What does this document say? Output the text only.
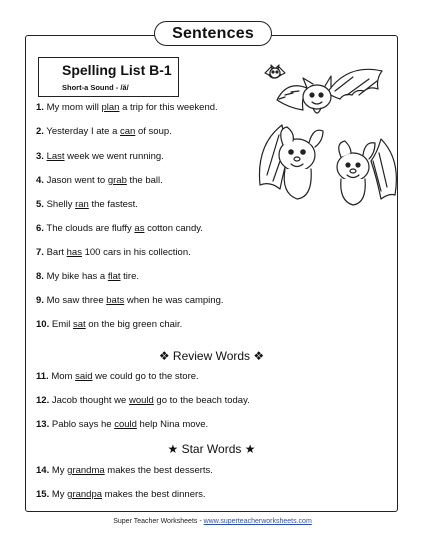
Sentences
Spelling List B-1
Short-a Sound - /ă/
1. My mom will plan a trip for this weekend.
2. Yesterday I ate a can of soup.
3. Last week we went running.
4. Jason went to grab the ball.
5. Shelly ran the fastest.
6. The clouds are fluffy as cotton candy.
7. Bart has 100 cars in his collection.
8. My bike has a flat tire.
9. Mo saw three bats when he was camping.
10. Emil sat on the big green chair.
11. Mom said we could go to the store.
12. Jacob thought we would go to the beach today.
13. Pablo says he could help Nina move.
14. My grandma makes the best desserts.
15. My grandpa makes the best dinners.
❖ Review Words ❖
★ Star Words ★
Super Teacher Worksheets - www.superteacherworksheets.com
